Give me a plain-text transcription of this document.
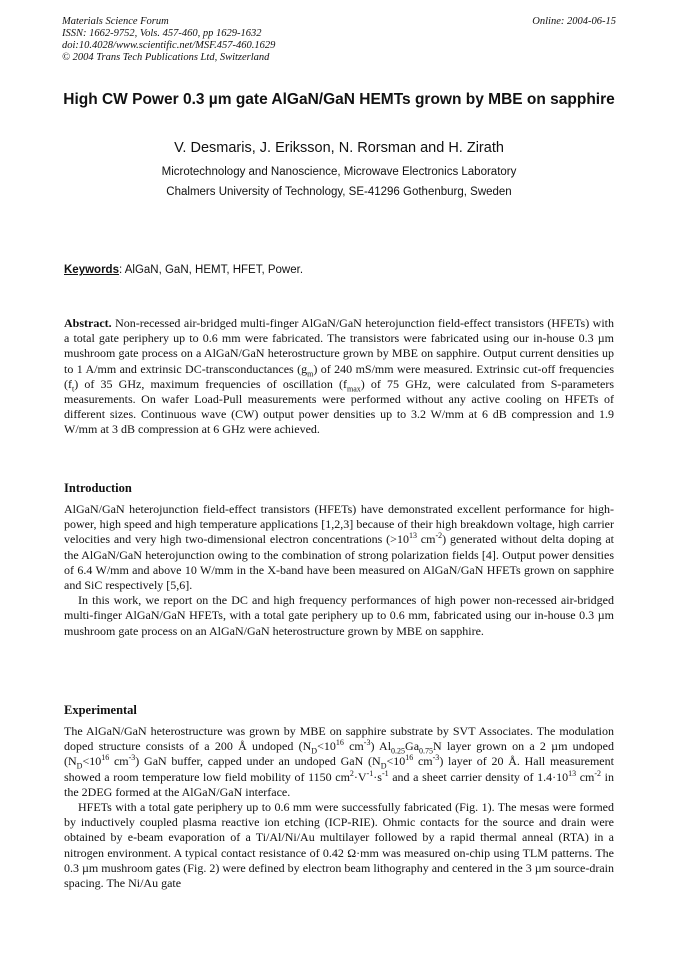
Materials Science Forum
ISSN: 1662-9752, Vols. 457-460, pp 1629-1632
doi:10.4028/www.scientific.net/MSF.457-460.1629
© 2004 Trans Tech Publications Ltd, Switzerland
Online: 2004-06-15
High CW Power 0.3 µm gate AlGaN/GaN HEMTs grown by MBE on sapphire
V. Desmaris, J. Eriksson, N. Rorsman and H. Zirath
Microtechnology and Nanoscience, Microwave Electronics Laboratory
Chalmers University of Technology, SE-41296 Gothenburg, Sweden
Keywords: AlGaN, GaN, HEMT, HFET, Power.

Abstract. Non-recessed air-bridged multi-finger AlGaN/GaN heterojunction field-effect transistors (HFETs) with a total gate periphery up to 0.6 mm were fabricated. The transistors were fabricated using our in-house 0.3 µm mushroom gate process on a AlGaN/GaN heterostructure grown by MBE on sapphire. Output current densities up to 1 A/mm and extrinsic DC-transconductances $(g_m)$ of 240 mS/mm were measured. Extrinsic cut-off frequencies $(f_t)$ of 35 GHz, maximum frequencies of oscillation $(f_{max})$ of 75 GHz, were calculated from S-parameters measurements. On wafer Load-Pull measurements were performed without any active cooling on HFETs of different sizes. Continuous wave (CW) output power densities up to 3.2 W/mm at 6 dB compression and 1.9 W/mm at 3 dB compression at 6 GHz were achieved.

Introduction

AlGaN/GaN heterojunction field-effect transistors (HFETs) have demonstrated excellent performance for high-power, high speed and high temperature applications [1,2,3] because of their high breakdown voltage, high carrier velocities and very high two-dimensional electron concentrations ($>10^{13}$ $cm^{-2}$) generated without delta doping at the AlGaN/GaN heterojunction owing to the combination of strong polarization fields [4]. Output power densities of 6.4 W/mm and above 10 W/mm in the X-band have been measured on AlGaN/GaN HFETs grown on sapphire and SiC respectively [5,6].

In this work, we report on the DC and high frequency performances of high power non-recessed air-bridged multi-finger AlGaN/GaN HFETs, with a total gate periphery up to 0.6 mm, fabricated using our in-house 0.3 µm mushroom gate process on an AlGaN/GaN heterostructure grown by MBE on sapphire.

Experimental

The AlGaN/GaN heterostructure was grown by MBE on sapphire substrate by SVT Associates. The modulation doped structure consists of a 200 Å undoped ($N_D<10^{16}$ $cm^{-3}$) $Al_{0.25}Ga_{0.75}N$ layer grown on a 2 µm undoped ($N_D<10^{16}$ $cm^{-3}$) GaN buffer, capped under an undoped GaN ($N_D<10^{16}$ $cm^{-3}$) layer of 20 Å. Hall measurement showed a room temperature low field mobility of 1150 $cm^2\cdot V^{-1}\cdot s^{-1}$ and a sheet carrier density of $1.4\cdot 10^{13}$ $cm^{-2}$ in the 2DEG formed at the AlGaN/GaN interface.

HFETs with a total gate periphery up to 0.6 mm were successfully fabricated (Fig. 1). The mesas were formed by inductively coupled plasma reactive ion etching (ICP-RIE). Ohmic contacts for the source and drain were obtained by e-beam evaporation of a Ti/Al/Ni/Au multilayer followed by a rapid thermal anneal (RTA) in a nitrogen environment. A typical contact resistance of 0.42 Ω·mm was measured on-chip using TLM patterns. The 0.3 µm mushroom gates (Fig. 2) were defined by electron beam lithography and centered in the 3 µm source-drain spacing. The Ni/Au gate
